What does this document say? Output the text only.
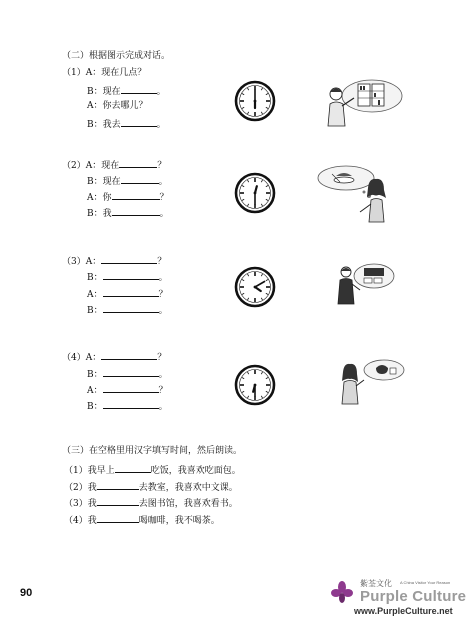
（二）根据图示完成对话。
（1）A：现在几点？
B：现在	。
A：你去哪儿？
B：我去	。
（2）A：现在	？
B：现在	。
A：你	？
B：我	。
（3）A：	？
B：	。
A：	？
B：	。
（4）A：	？
B：	。
A：	？
B：	。
（三）在空格里用汉字填写时间，然后朗读。
（1）我早上	吃饭，我喜欢吃面包。
（2）我	去教室，我喜欢中文课。
（3）我	去图书馆，我喜欢看书。
（4）我	喝咖啡，我不喝茶。
90
紫荃文化 A China Visitor Your Reason
Purple Culture
www.PurpleCulture.net
